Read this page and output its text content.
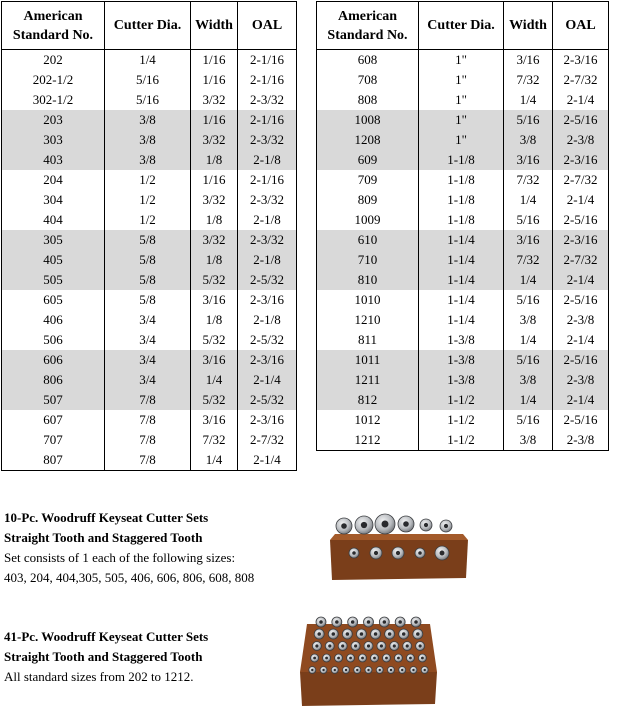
American
Standard No.	Cutter Dia.	Width	OAL
202	1/4	1/16	2-1/16
202-1/2	5/16	1/16	2-1/16
302-1/2	5/16	3/32	2-3/32
203	3/8	1/16	2-1/16
303	3/8	3/32	2-3/32
403	3/8	1/8	2-1/8
204	1/2	1/16	2-1/16
304	1/2	3/32	2-3/32
404	1/2	1/8	2-1/8
305	5/8	3/32	2-3/32
405	5/8	1/8	2-1/8
505	5/8	5/32	2-5/32
605	5/8	3/16	2-3/16
406	3/4	1/8	2-1/8
506	3/4	5/32	2-5/32
606	3/4	3/16	2-3/16
806	3/4	1/4	2-1/4
507	7/8	5/32	2-5/32
607	7/8	3/16	2-3/16
707	7/8	7/32	2-7/32
807	7/8	1/4	2-1/4
American
Standard No.	Cutter Dia.	Width	OAL
608	1"	3/16	2-3/16
708	1"	7/32	2-7/32
808	1"	1/4	2-1/4
1008	1"	5/16	2-5/16
1208	1"	3/8	2-3/8
609	1-1/8	3/16	2-3/16
709	1-1/8	7/32	2-7/32
809	1-1/8	1/4	2-1/4
1009	1-1/8	5/16	2-5/16
610	1-1/4	3/16	2-3/16
710	1-1/4	7/32	2-7/32
810	1-1/4	1/4	2-1/4
1010	1-1/4	5/16	2-5/16
1210	1-1/4	3/8	2-3/8
811	1-3/8	1/4	2-1/4
1011	1-3/8	5/16	2-5/16
1211	1-3/8	3/8	2-3/8
812	1-1/2	1/4	2-1/4
1012	1-1/2	5/16	2-5/16
1212	1-1/2	3/8	2-3/8
10-Pc. Woodruff Keyseat Cutter Sets
Straight Tooth and Staggered Tooth
Set consists of 1 each of the following sizes:
403, 204, 404,305, 505, 406, 606, 806, 608, 808
41-Pc. Woodruff Keyseat Cutter Sets
Straight Tooth and Staggered Tooth
All standard sizes from 202 to 1212.
